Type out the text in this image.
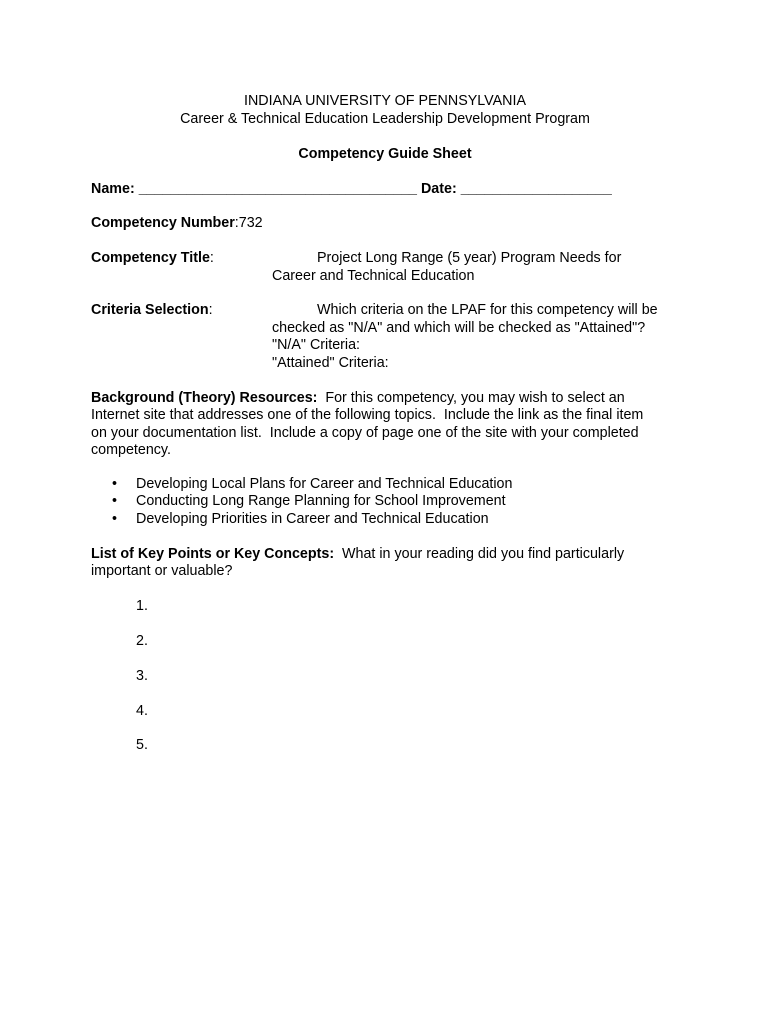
INDIANA UNIVERSITY OF PENNSYLVANIA
Career & Technical Education Leadership Development Program
Competency Guide Sheet
Name: ___________________________________ Date: ___________________
Competency Number:732
Competency Title:	Project Long Range (5 year) Program Needs for
Career and Technical Education
Criteria Selection:	Which criteria on the LPAF for this competency will be
checked as "N/A" and which will be checked as "Attained"?
"N/A" Criteria:
"Attained" Criteria:
Background (Theory) Resources:  For this competency, you may wish to select an
Internet site that addresses one of the following topics.  Include the link as the final item
on your documentation list.  Include a copy of page one of the site with your completed
competency.
• Developing Local Plans for Career and Technical Education
• Conducting Long Range Planning for School Improvement
• Developing Priorities in Career and Technical Education
List of Key Points or Key Concepts:  What in your reading did you find particularly
important or valuable?
1.
2.
3.
4.
5.
